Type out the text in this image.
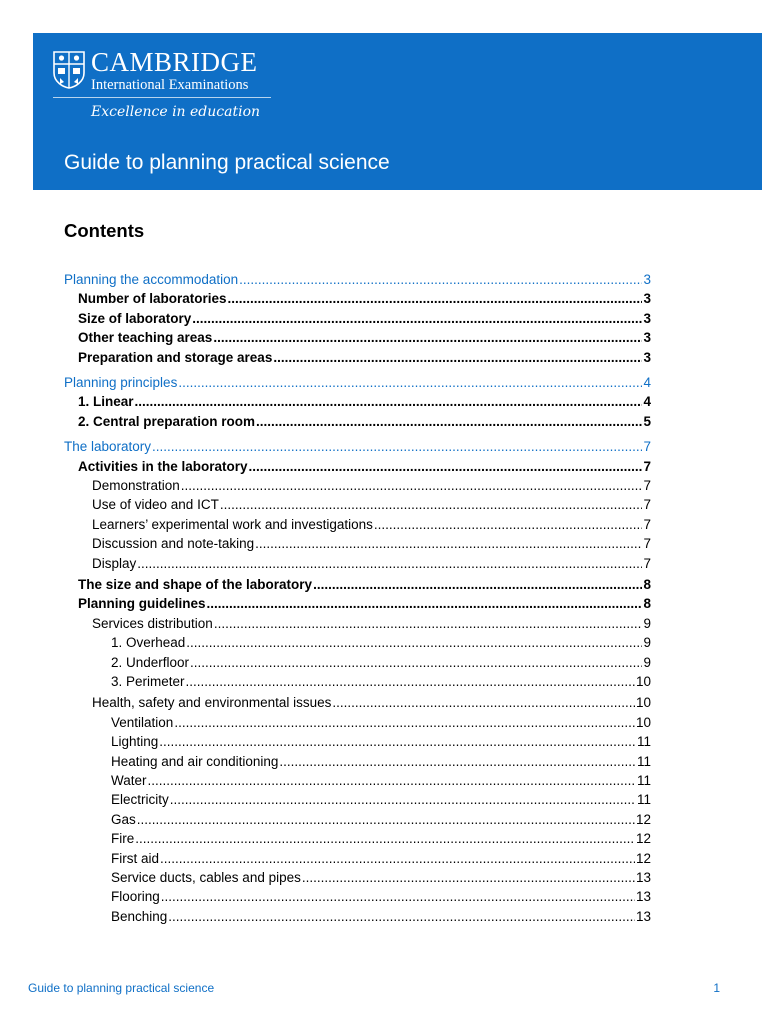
CAMBRIDGE
International Examinations
Excellence in education
Guide to planning practical science
Contents
Planning the accommodation .....	3
Number of laboratories .....	3
Size of laboratory .....	3
Other teaching areas .....	3
Preparation and storage areas .....	3
Planning principles .....	4
1. Linear .....	4
2. Central preparation room .....	5
The laboratory .....	7
Activities in the laboratory .....	7
Demonstration .....	7
Use of video and ICT .....	7
Learners’ experimental work and investigations .....	7
Discussion and note-taking .....	7
Display .....	7
The size and shape of the laboratory .....	8
Planning guidelines .....	8
Services distribution .....	9
1. Overhead .....	9
2. Underfloor .....	9
3. Perimeter .....	10
Health, safety and environmental issues .....	10
Ventilation .....	10
Lighting .....	11
Heating and air conditioning .....	11
Water .....	11
Electricity .....	11
Gas .....	12
Fire .....	12
First aid .....	12
Service ducts, cables and pipes .....	13
Flooring .....	13
Benching .....	13
Guide to planning practical science	1
